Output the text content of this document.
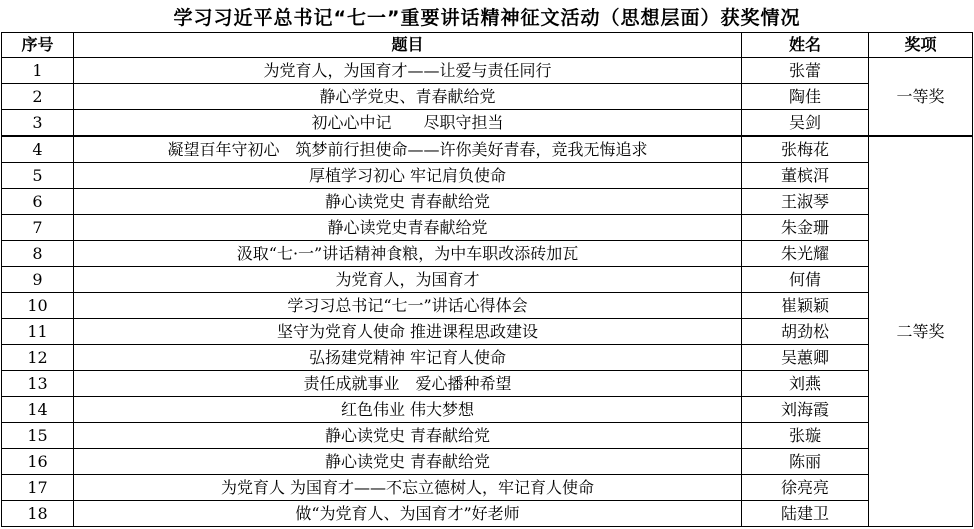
学习习近平总书记“七一”重要讲话精神征文活动（思想层面）获奖情况
序号	题目	姓名	奖项
1	为党育人，为国育才——让爱与责任同行	张蕾	一等奖
2	静心学党史、青春献给党	陶佳	
3	初心心中记　　尽职守担当	吴剑	
4	凝望百年守初心　筑梦前行担使命——许你美好青春，竞我无悔追求	张梅花	二等奖
5	厚植学习初心 牢记肩负使命	董槟洱	
6	静心读党史 青春献给党	王淑琴	
7	静心读党史青春献给党	朱金珊	
8	汲取“七·一”讲话精神食粮，为中车职改添砖加瓦	朱光耀	
9	为党育人，为国育才	何倩	
10	学习习总书记“七一”讲话心得体会	崔颖颖	
11	坚守为党育人使命 推进课程思政建设	胡劲松	
12	弘扬建党精神 牢记育人使命	吴蕙卿	
13	责任成就事业　爱心播种希望	刘燕	
14	红色伟业 伟大梦想	刘海霞	
15	静心读党史 青春献给党	张璇	
16	静心读党史 青春献给党	陈丽	
17	为党育人 为国育才——不忘立德树人，牢记育人使命	徐亮亮	
18	做“为党育人、为国育才”好老师	陆建卫	
